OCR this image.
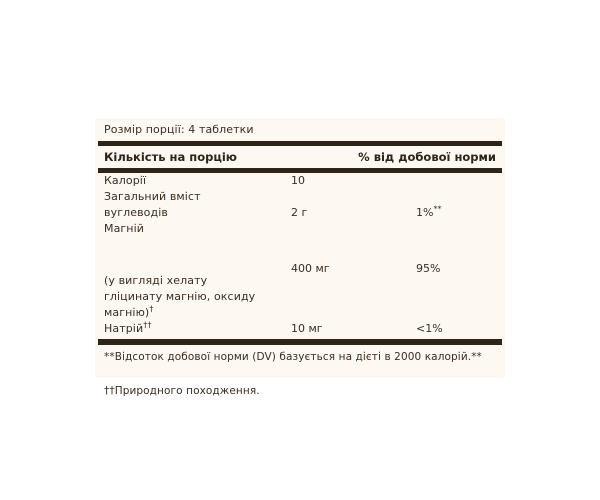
Розмір порції: 4 таблетки
Кількість на порцію	% від добової норми
Калорії	10
Загальний вміст
вуглеводів	2 г	1%**
Магній
400 мг	95%
(у вигляді хелату
гліцинату магнію, оксиду
магнію)†
Натрій††	10 мг	<1%
**Відсоток добової норми (DV) базується на дієті в 2000 калорій.**
††Природного походження.
